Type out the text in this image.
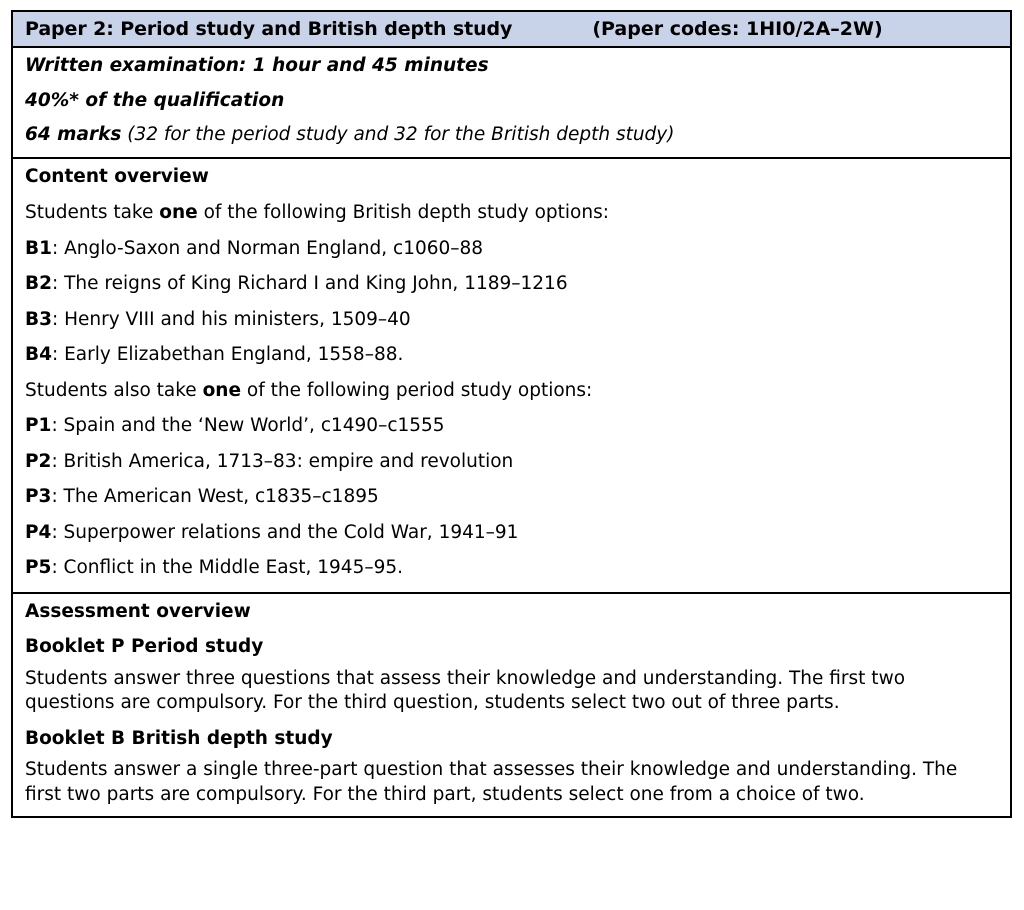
Paper 2: Period study and British depth study	(Paper codes: 1HI0/2A–2W)

Written examination: 1 hour and 45 minutes

40%* of the qualification

64 marks (32 for the period study and 32 for the British depth study)

Content overview

Students take one of the following British depth study options:

B1: Anglo-Saxon and Norman England, c1060–88

B2: The reigns of King Richard I and King John, 1189–1216

B3: Henry VIII and his ministers, 1509–40

B4: Early Elizabethan England, 1558–88.

Students also take one of the following period study options:

P1: Spain and the ‘New World’, c1490–c1555

P2: British America, 1713–83: empire and revolution

P3: The American West, c1835–c1895

P4: Superpower relations and the Cold War, 1941–91

P5: Conflict in the Middle East, 1945–95.

Assessment overview

Booklet P Period study

Students answer three questions that assess their knowledge and understanding. The first two questions are compulsory. For the third question, students select two out of three parts.

Booklet B British depth study

Students answer a single three-part question that assesses their knowledge and understanding. The first two parts are compulsory. For the third part, students select one from a choice of two.
